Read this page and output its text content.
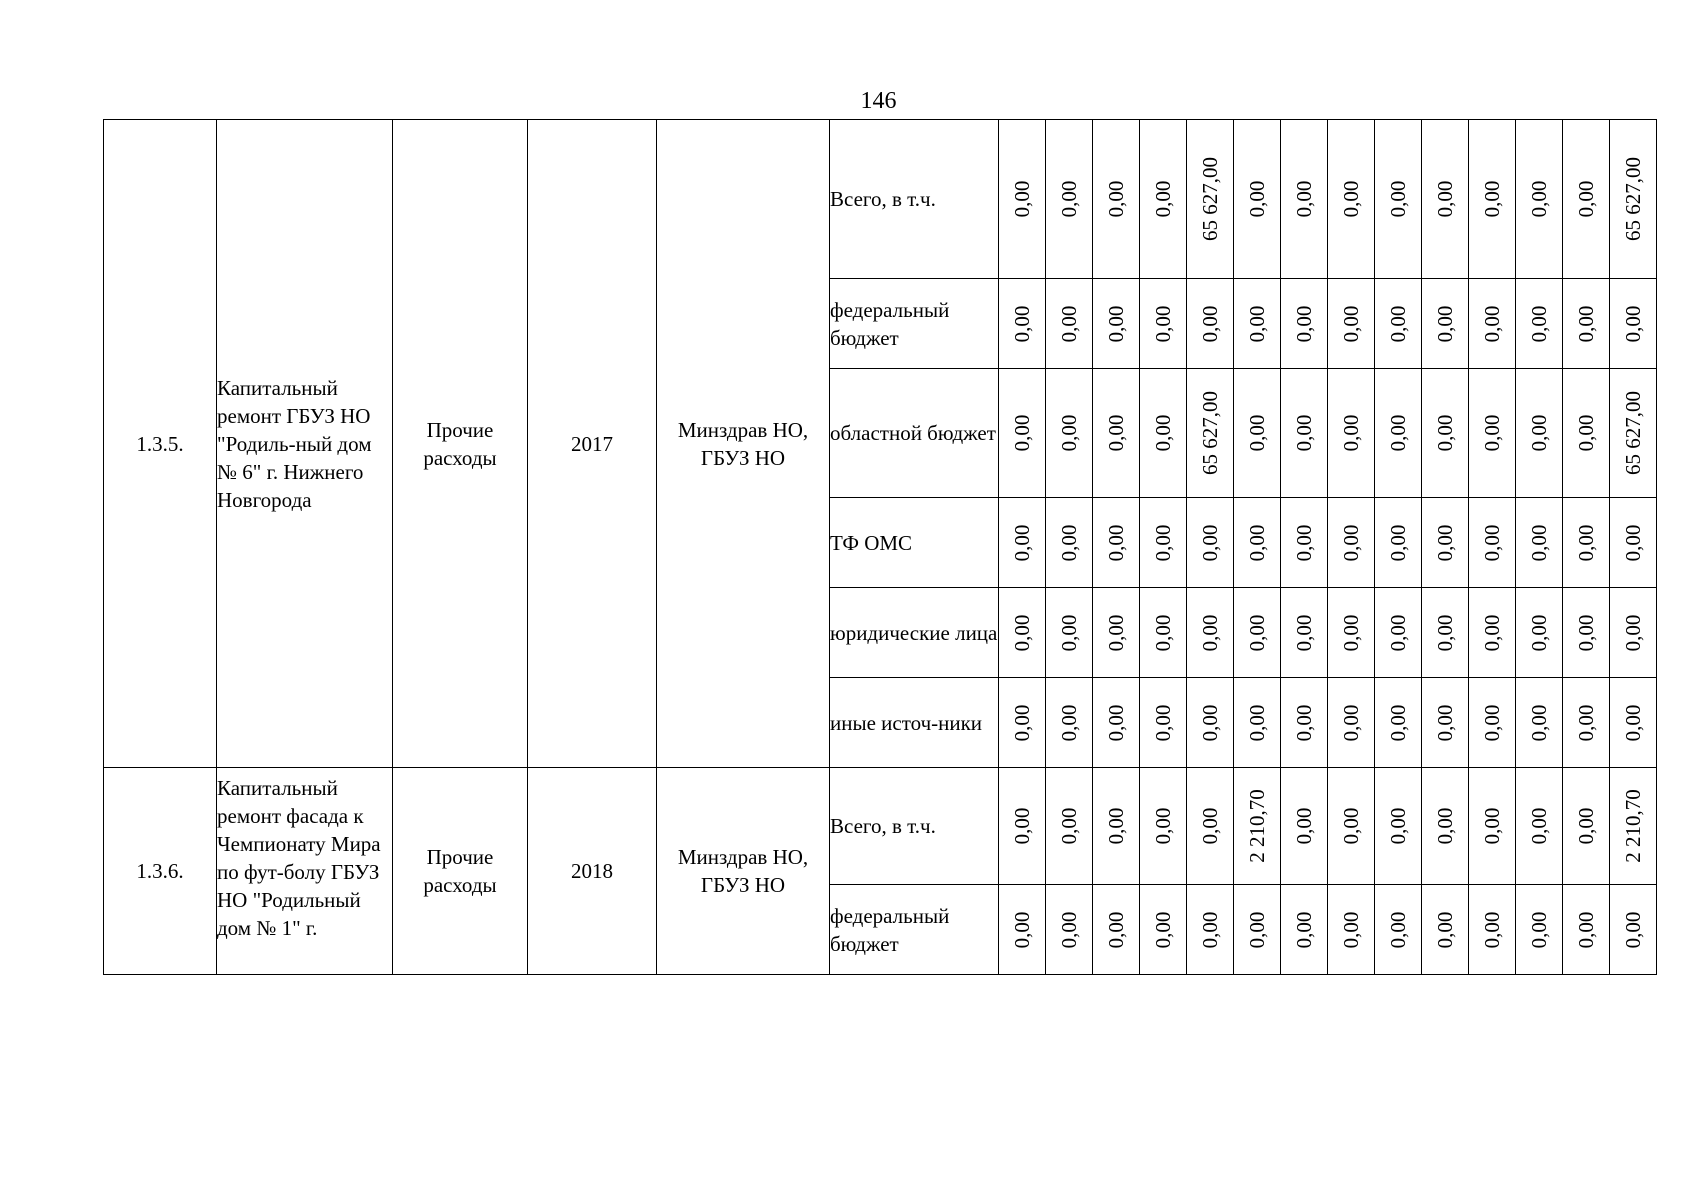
146
1.3.5.	Капитальный ремонт ГБУЗ НО "Родиль-ный дом № 6" г. Нижнего Новгорода	Прочие расходы	2017	Минздрав НО, ГБУЗ НО	Всего, в т.ч.	0,00	0,00	0,00	0,00	65 627,00	0,00	0,00	0,00	0,00	0,00	0,00	0,00	0,00	65 627,00

					федеральный бюджет	0,00	0,00	0,00	0,00	0,00	0,00	0,00	0,00	0,00	0,00	0,00	0,00	0,00	0,00

					областной бюджет	0,00	0,00	0,00	0,00	65 627,00	0,00	0,00	0,00	0,00	0,00	0,00	0,00	0,00	65 627,00

					ТФ ОМС	0,00	0,00	0,00	0,00	0,00	0,00	0,00	0,00	0,00	0,00	0,00	0,00	0,00	0,00

					юридические лица	0,00	0,00	0,00	0,00	0,00	0,00	0,00	0,00	0,00	0,00	0,00	0,00	0,00	0,00

					иные источ-ники	0,00	0,00	0,00	0,00	0,00	0,00	0,00	0,00	0,00	0,00	0,00	0,00	0,00	0,00

1.3.6.	Капитальный ремонт фасада к Чемпионату Мира по фут-болу ГБУЗ НО "Родильный дом № 1" г.	Прочие расходы	2018	Минздрав НО, ГБУЗ НО	Всего, в т.ч.	0,00	0,00	0,00	0,00	0,00	2 210,70	0,00	0,00	0,00	0,00	0,00	0,00	0,00	2 210,70

					федеральный бюджет	0,00	0,00	0,00	0,00	0,00	0,00	0,00	0,00	0,00	0,00	0,00	0,00	0,00	0,00
